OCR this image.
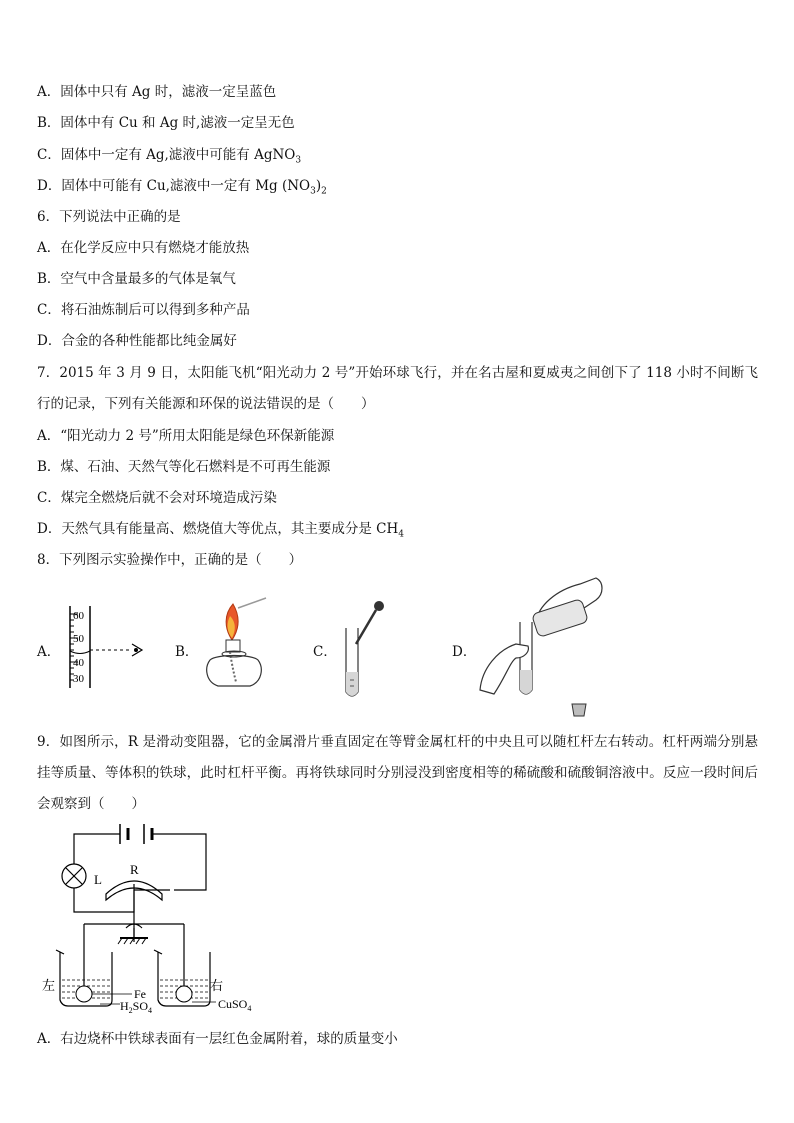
A．固体中只有 Ag 时，滤液一定呈蓝色
B．固体中有 Cu 和 Ag 时,滤液一定呈无色
C．固体中一定有 Ag,滤液中可能有 AgNO$_3$
D．固体中可能有 Cu,滤液中一定有 Mg $(NO_3)_2$
6．下列说法中正确的是
A．在化学反应中只有燃烧才能放热
B．空气中含量最多的气体是氧气
C．将石油炼制后可以得到多种产品
D．合金的各种性能都比纯金属好
7．2015 年 3 月 9 日，太阳能飞机“阳光动力 2 号”开始环球飞行，并在名古屋和夏威夷之间创下了 118 小时不间断飞行的记录，下列有关能源和环保的说法错误的是（　　）
A．“阳光动力 2 号”所用太阳能是绿色环保新能源
B．煤、石油、天然气等化石燃料是不可再生能源
C．煤完全燃烧后就不会对环境造成污染
D．天然气具有能量高、燃烧值大等优点，其主要成分是 $CH_4$
8．下列图示实验操作中，正确的是（　　）
A．
60
50
40
30
B．	C．	D．
9．如图所示，R 是滑动变阻器，它的金属滑片垂直固定在等臂金属杠杆的中央且可以随杠杆左右转动。杠杆两端分别悬挂等质量、等体积的铁球，此时杠杆平衡。再将铁球同时分别浸没到密度相等的稀硫酸和硫酸铜溶液中。反应一段时间后会观察到（　　）
L
R
左	右
Fe
$H_2SO_4$	CuSO$_4$
A．右边烧杯中铁球表面有一层红色金属附着，球的质量变小
